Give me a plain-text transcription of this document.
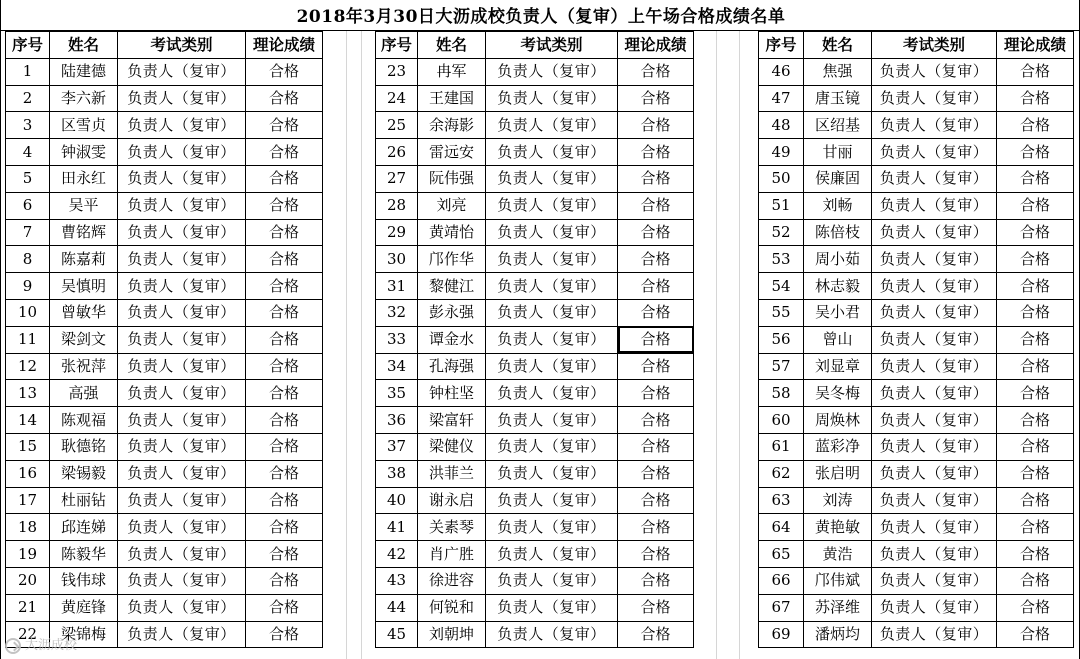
2018年3月30日大沥成校负责人（复审）上午场合格成绩名单
序号	姓名	考试类别	理论成绩
1	陆建德	负责人（复审）	合格
2	李六新	负责人（复审）	合格
3	区雪贞	负责人（复审）	合格
4	钟淑雯	负责人（复审）	合格
5	田永红	负责人（复审）	合格
6	吴平	负责人（复审）	合格
7	曹铭辉	负责人（复审）	合格
8	陈嘉莉	负责人（复审）	合格
9	吴慎明	负责人（复审）	合格
10	曾敏华	负责人（复审）	合格
11	梁剑文	负责人（复审）	合格
12	张祝萍	负责人（复审）	合格
13	高强	负责人（复审）	合格
14	陈观福	负责人（复审）	合格
15	耿德铭	负责人（复审）	合格
16	梁锡毅	负责人（复审）	合格
17	杜丽钻	负责人（复审）	合格
18	邱连娣	负责人（复审）	合格
19	陈毅华	负责人（复审）	合格
20	钱伟球	负责人（复审）	合格
21	黄庭锋	负责人（复审）	合格
22	梁锦梅	负责人（复审）	合格
序号	姓名	考试类别	理论成绩
23	冉军	负责人（复审）	合格
24	王建国	负责人（复审）	合格
25	余海影	负责人（复审）	合格
26	雷远安	负责人（复审）	合格
27	阮伟强	负责人（复审）	合格
28	刘亮	负责人（复审）	合格
29	黄靖怡	负责人（复审）	合格
30	邝作华	负责人（复审）	合格
31	黎健江	负责人（复审）	合格
32	彭永强	负责人（复审）	合格
33	谭金水	负责人（复审）	合格
34	孔海强	负责人（复审）	合格
35	钟柱坚	负责人（复审）	合格
36	梁富轩	负责人（复审）	合格
37	梁健仪	负责人（复审）	合格
38	洪菲兰	负责人（复审）	合格
40	谢永启	负责人（复审）	合格
41	关素琴	负责人（复审）	合格
42	肖广胜	负责人（复审）	合格
43	徐进容	负责人（复审）	合格
44	何锐和	负责人（复审）	合格
45	刘朝坤	负责人（复审）	合格
序号	姓名	考试类别	理论成绩
46	焦强	负责人（复审）	合格
47	唐玉镜	负责人（复审）	合格
48	区绍基	负责人（复审）	合格
49	甘丽	负责人（复审）	合格
50	侯廉固	负责人（复审）	合格
51	刘畅	负责人（复审）	合格
52	陈倍枝	负责人（复审）	合格
53	周小茹	负责人（复审）	合格
54	林志毅	负责人（复审）	合格
55	吴小君	负责人（复审）	合格
56	曾山	负责人（复审）	合格
57	刘显章	负责人（复审）	合格
58	吴冬梅	负责人（复审）	合格
60	周焕林	负责人（复审）	合格
61	蓝彩净	负责人（复审）	合格
62	张启明	负责人（复审）	合格
63	刘涛	负责人（复审）	合格
64	黄艳敏	负责人（复审）	合格
65	黄浩	负责人（复审）	合格
66	邝伟斌	负责人（复审）	合格
67	苏泽维	负责人（复审）	合格
69	潘炳均	负责人（复审）	合格
大沥成校
